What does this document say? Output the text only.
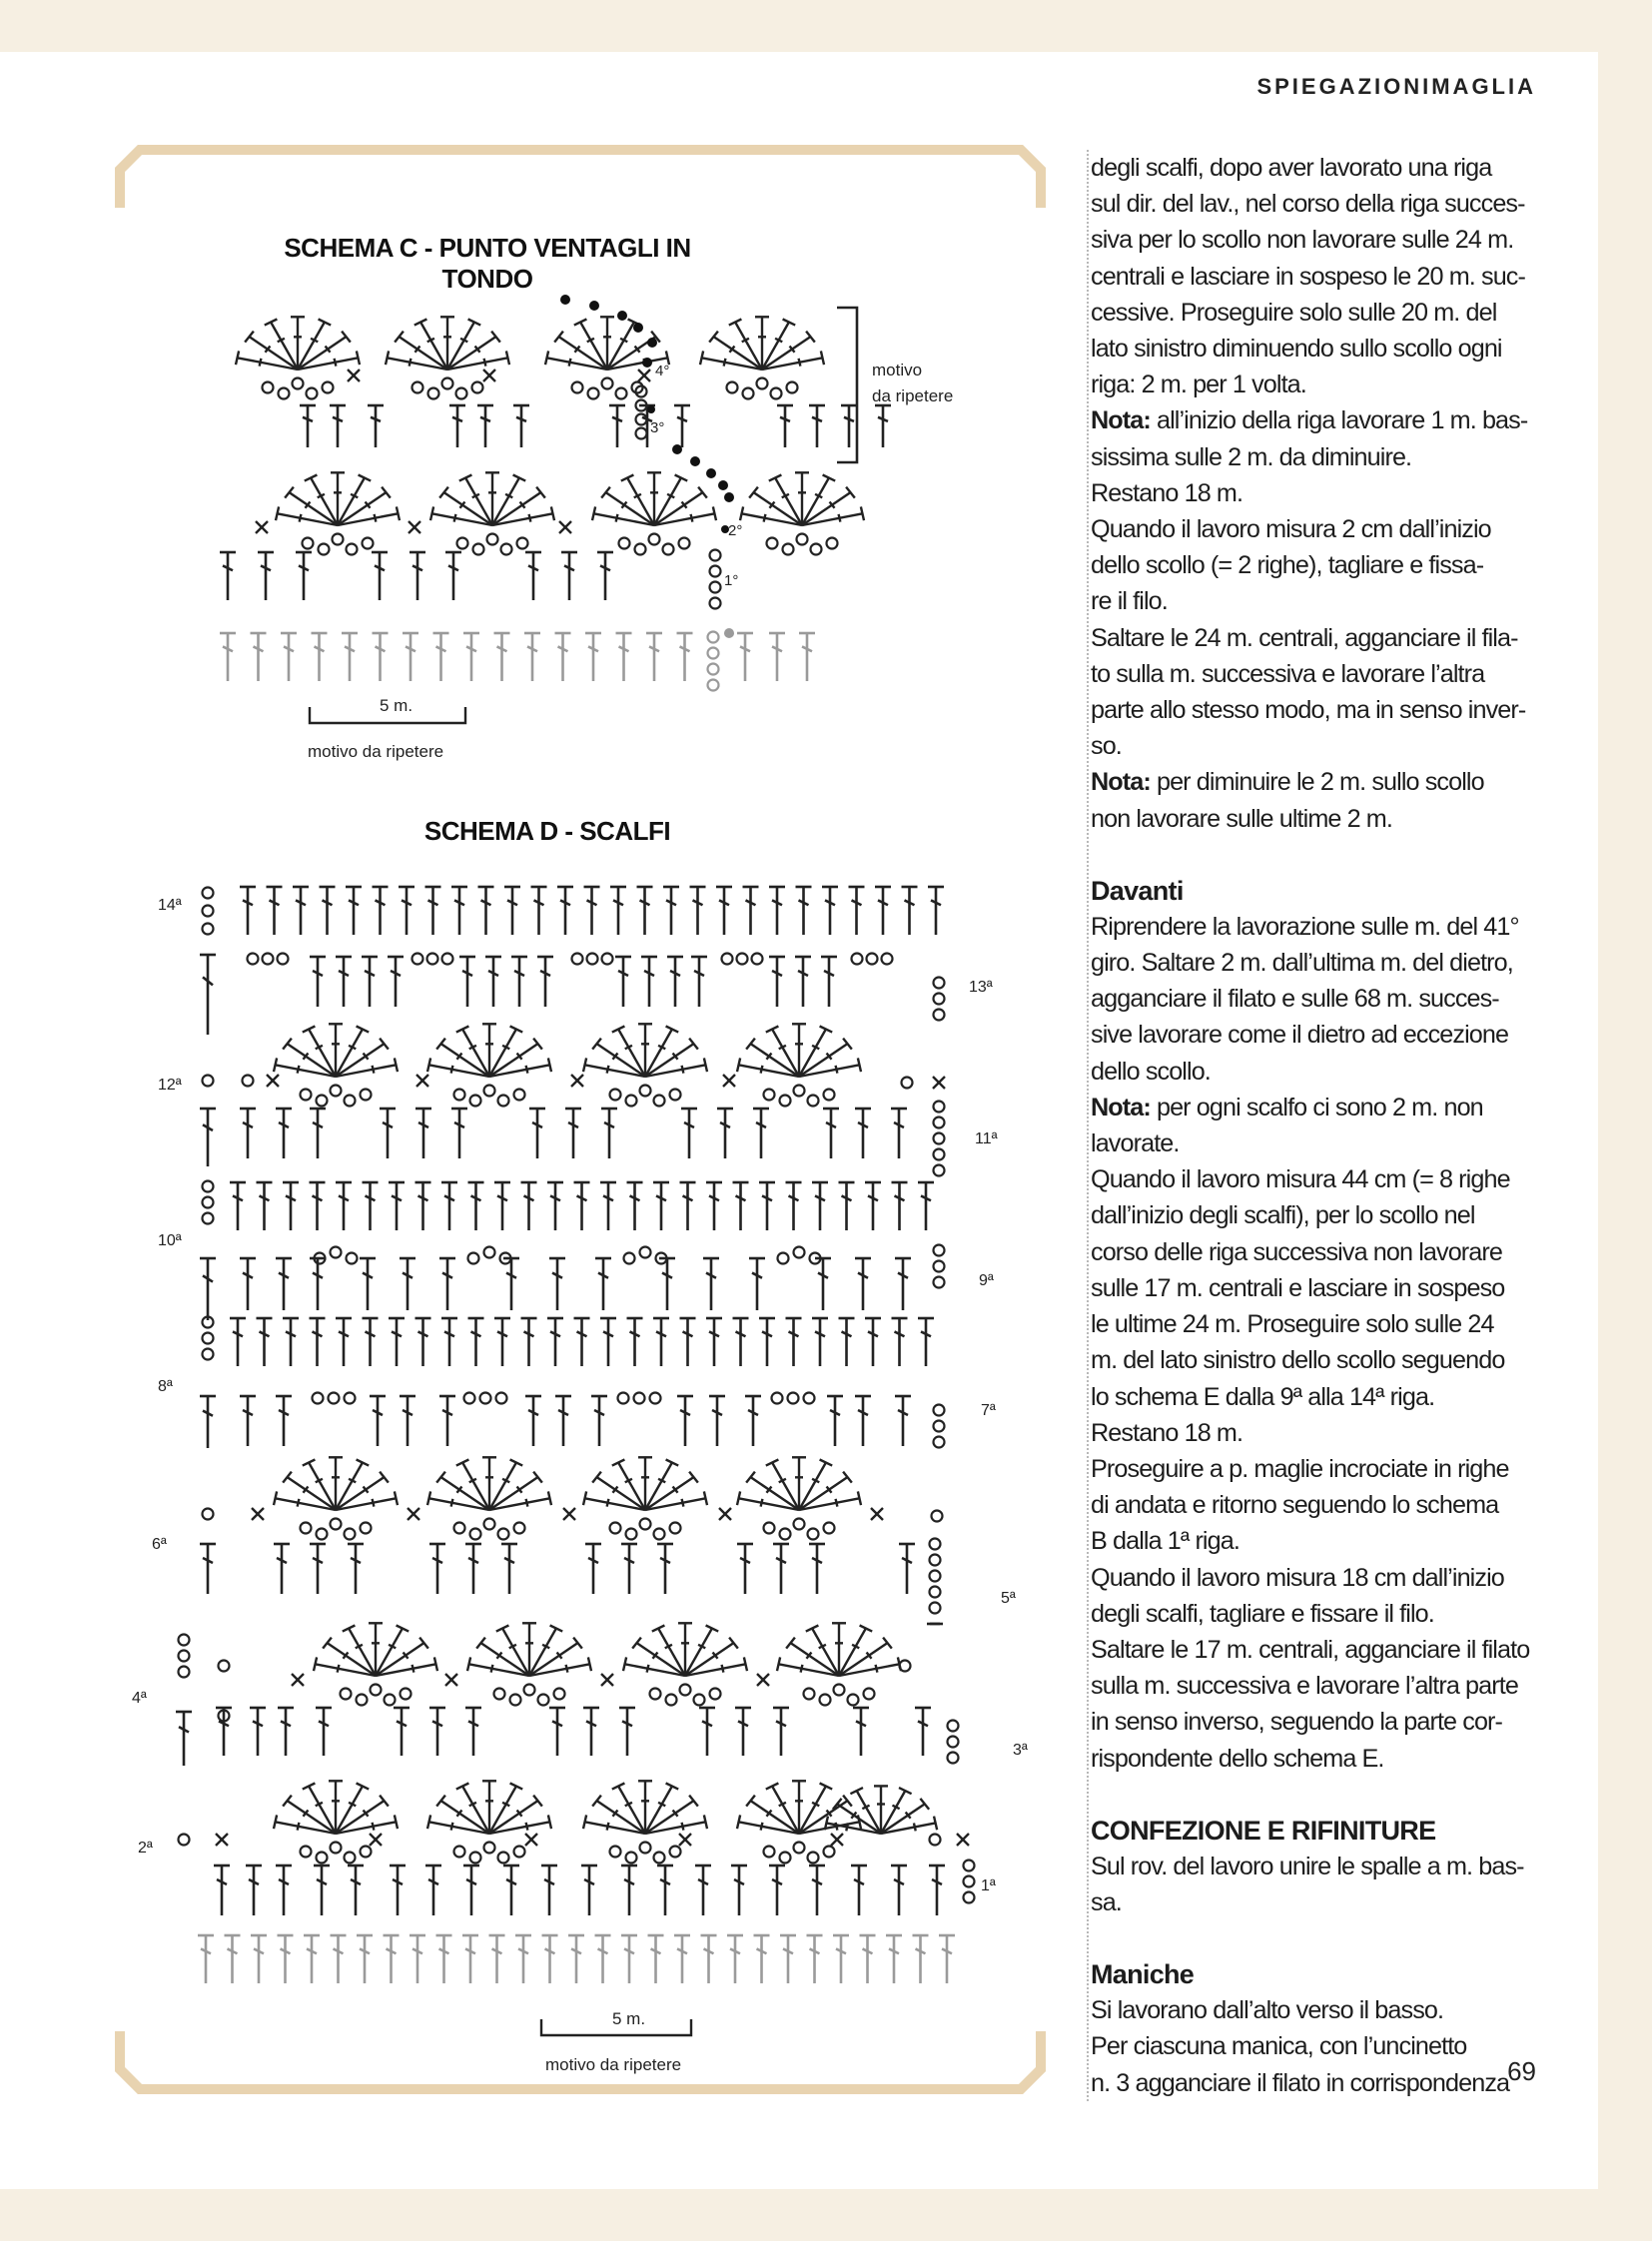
SPIEGAZIONIMAGLIA
SCHEMA C - PUNTO VENTAGLI IN TONDO
motivo
da ripetere
4°
3°
2°
1°
5 m.
motivo da ripetere
SCHEMA D - SCALFI
5 m.
motivo da ripetere
14ª
12ª
10ª
8ª
6ª
4ª
2ª
13ª
11ª
9ª
7ª
5ª
3ª
1ª
degli scalfi, dopo aver lavorato una riga
sul dir. del lav., nel corso della riga succes-
siva per lo scollo non lavorare sulle 24 m.
centrali e lasciare in sospeso le 20 m. suc-
cessive. Proseguire solo sulle 20 m. del
lato sinistro diminuendo sullo scollo ogni
riga: 2 m. per 1 volta.
Nota: all’inizio della riga lavorare 1 m. bas-
sissima sulle 2 m. da diminuire.
Restano 18 m.
Quando il lavoro misura 2 cm dall’inizio
dello scollo (= 2 righe), tagliare e fissa-
re il filo.
Saltare le 24 m. centrali, agganciare il fila-
to sulla m. successiva e lavorare l’altra
parte allo stesso modo, ma in senso inver-
so.
Nota: per diminuire le 2 m. sullo scollo
non lavorare sulle ultime 2 m.
Davanti
Riprendere la lavorazione sulle m. del 41°
giro. Saltare 2 m. dall’ultima m. del dietro,
agganciare il filato e sulle 68 m. succes-
sive lavorare come il dietro ad eccezione
dello scollo.
Nota: per ogni scalfo ci sono 2 m. non
lavorate.
Quando il lavoro misura 44 cm (= 8 righe
dall’inizio degli scalfi), per lo scollo nel
corso delle riga successiva non lavorare
sulle 17 m. centrali e lasciare in sospeso
le ultime 24 m. Proseguire solo sulle 24
m. del lato sinistro dello scollo seguendo
lo schema E dalla 9ª alla 14ª riga.
Restano 18 m.
Proseguire a p. maglie incrociate in righe
di andata e ritorno seguendo lo schema
B dalla 1ª riga.
Quando il lavoro misura 18 cm dall’inizio
degli scalfi, tagliare e fissare il filo.
Saltare le 17 m. centrali, agganciare il filato
sulla m. successiva e lavorare l’altra parte
in senso inverso, seguendo la parte cor-
rispondente dello schema E.
CONFEZIONE E RIFINITURE
Sul rov. del lavoro unire le spalle a m. bas-
sa.
Maniche
Si lavorano dall’alto verso il basso.
Per ciascuna manica, con l’uncinetto
n. 3 agganciare il filato in corrispondenza
69
